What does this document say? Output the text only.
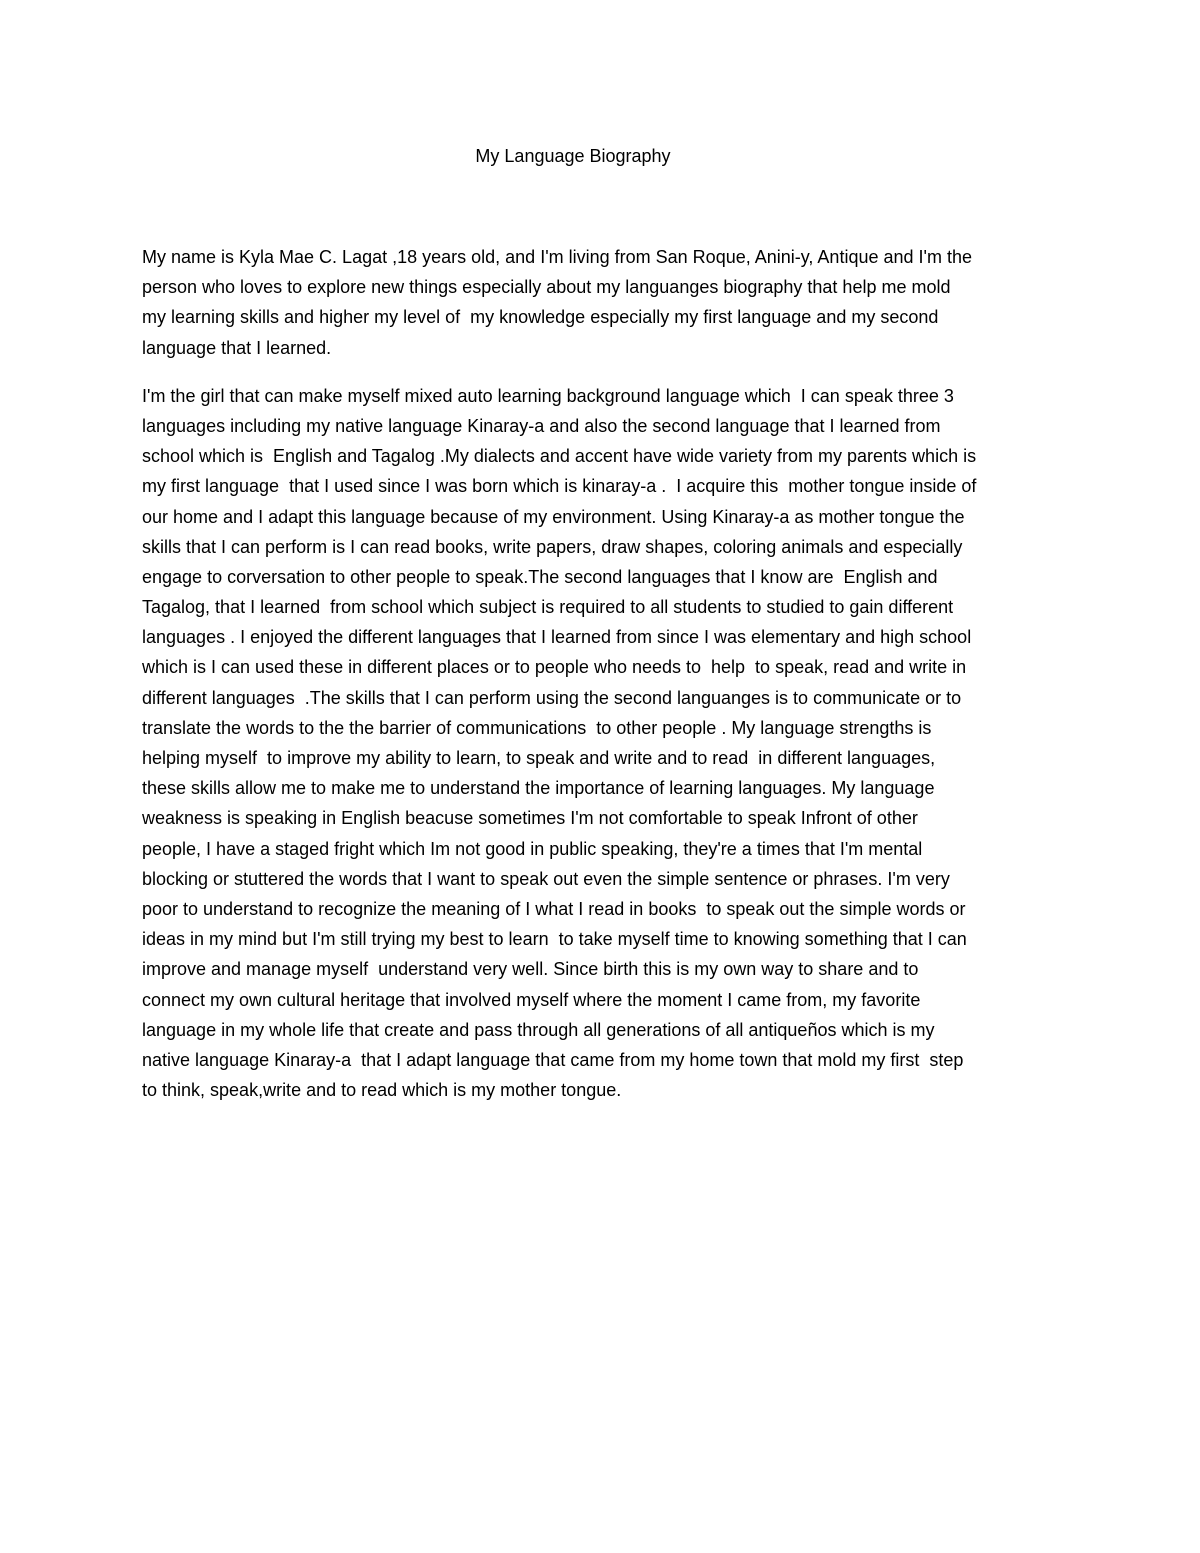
My Language Biography
My name is Kyla Mae C. Lagat ,18 years old, and I'm living from San Roque, Anini-y, Antique and I'm the
person who loves to explore new things especially about my languanges biography that help me mold
my learning skills and higher my level of  my knowledge especially my first language and my second
language that I learned.
I'm the girl that can make myself mixed auto learning background language which  I can speak three 3
languages including my native language Kinaray-a and also the second language that I learned from
school which is  English and Tagalog .My dialects and accent have wide variety from my parents which is
my first language  that I used since I was born which is kinaray-a .  I acquire this  mother tongue inside of
our home and I adapt this language because of my environment. Using Kinaray-a as mother tongue the
skills that I can perform is I can read books, write papers, draw shapes, coloring animals and especially
engage to corversation to other people to speak.The second languages that I know are  English and
Tagalog, that I learned  from school which subject is required to all students to studied to gain different
languages . I enjoyed the different languages that I learned from since I was elementary and high school
which is I can used these in different places or to people who needs to  help  to speak, read and write in
different languages  .The skills that I can perform using the second languanges is to communicate or to
translate the words to the the barrier of communications  to other people . My language strengths is
helping myself  to improve my ability to learn, to speak and write and to read  in different languages,
these skills allow me to make me to understand the importance of learning languages. My language
weakness is speaking in English beacuse sometimes I'm not comfortable to speak Infront of other
people, I have a staged fright which Im not good in public speaking, they're a times that I'm mental
blocking or stuttered the words that I want to speak out even the simple sentence or phrases. I'm very
poor to understand to recognize the meaning of I what I read in books  to speak out the simple words or
ideas in my mind but I'm still trying my best to learn  to take myself time to knowing something that I can
improve and manage myself  understand very well. Since birth this is my own way to share and to
connect my own cultural heritage that involved myself where the moment I came from, my favorite
language in my whole life that create and pass through all generations of all antiqueños which is my
native language Kinaray-a  that I adapt language that came from my home town that mold my first  step
to think, speak,write and to read which is my mother tongue.
